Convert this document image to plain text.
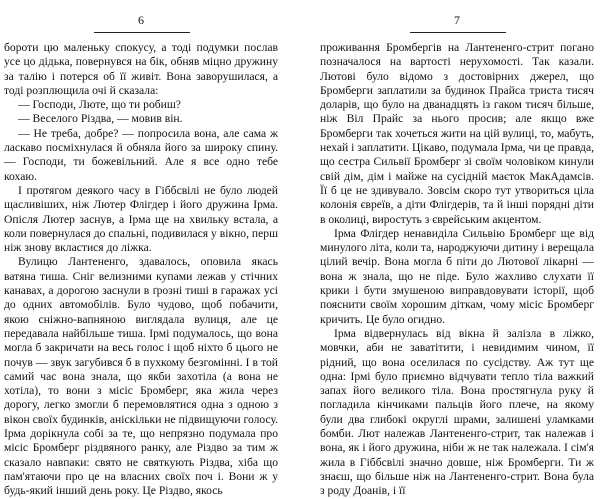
6

бороти цю маленьку спокусу, а тоді подумки послав усе цо дідька, повернувся на бік, обняв міцно дружину за талію і потерся об її живіт. Вона заворушилася, а тоді розплющила очі й сказала:

— Господи, Лютe, що ти робиш?

— Веселого Різдва, — мовив він.

— Не треба, добре? — попросила вона, але сама ж ласкаво посміхнулася й обняла його за широку спину. — Господи, ти божевільний. Але я все одно тебе кохаю.

І протягом деякого часу в Гіббсвілі не було людей щасливіших, ніж Лютер Флігдер і його дружина Ірма. Опісля Лютер заснув, а Ірма ще на хвильку встала, а коли повернулася до спальні, подивилася у вікно, перш ніж знову вкластися до ліжка.

Вулицю Лантененго, здавалось, оповила якась ватяна тиша. Сніг велизними купами лежав у стічних канавах, а дорогою заснули в ґрозні тиші в гаражах усі до одних автомобілів. Було чудово, щоб побачити, якою сніжно-вапняною виглядала вулиця, але це передавала найбільше тиша. Ірмі подумалось, що вона могла б закричати на весь голос і щоб ніхто б цього не почув — звук загубився б в пухкому безгомінні. І в той самий час вона знала, що якби захотіла (а вона не хотіла), то вони з місіс Бромберг, яка жила через дорогу, легко змогли б перемовлятися одна з одною з вікон своїх будинків, аніскільки не підвищуючи голосу. Ірма дорікнула собі за те, що непрязно подумала про місіс Бромберг різдвяного ранку, але Різдво за тим ж сказало навпаки: свято не святкують Різдва, хіба що пам'ятаючи про це на власних своїх поч і. Вони ж у будь-який інший день року. Це Різдво, якось

7

проживання Бромбергів на Лантененго-стрит погано позначалося на вартості нерухомості. Так казали. Лютові було відомо з достовірних джерел, що Бромберги заплатили за будинок Прайса триста тисяч доларів, що було на дванадцять із гаком тисяч більше, ніж Віл Прайс за нього просив; але якщо вже Бромберги так хочеться жити на цій вулиці, то, мабуть, нехай і заплатити. Цікаво, подумала Ірма, чи це правда, що сестра Сильвії Бромберг зі своїм чоловіком кинули свій дім, дім і майже на сусідній маєток МакАдамсів. Її б це не здивувало. Зовсім скоро тут утвориться ціла колонія євреїв, а діти Флігдерів, та й інші порядні діти в околиці, виростуть з єврейським акцентом.

Ірма Флігдер ненавиділа Сильвію Бромберг ще від минулого літа, коли та, народжуючи дитину і верещала цілий вечір. Вона могла б піти до Лютової лікарні — вона ж знала, що не піде. Було жахливо слухати її крики і бути змушеною виправдовувати історії, щоб пояснити своїм хорошим діткам, чому місіс Бромберг кричить. Це було огидно.

Ірма відвернулась від вікна й залізла в ліжко, мовчки, аби не заватітити, і невидимим чином, її рідний, що вона оселилася по сусідству. Аж тут ще одна: Ірмі було приємно відчувати тепло тіла важкий запах його великого тіла. Вона простягнула руку й погладила кінчиками пальців його плече, на якому були два глибокі округлі шрами, залишені уламками бомби. Лют належав Лантененго-стрит, так належав і вона, як і його дружина, ніби ж не так належала. І сім'я жила в Гіббсвілі значно довше, ніж Бромберги. Ти ж знаєш, що більше ніж на Лантененго-стрит. Вона була з роду Доанів, і її
